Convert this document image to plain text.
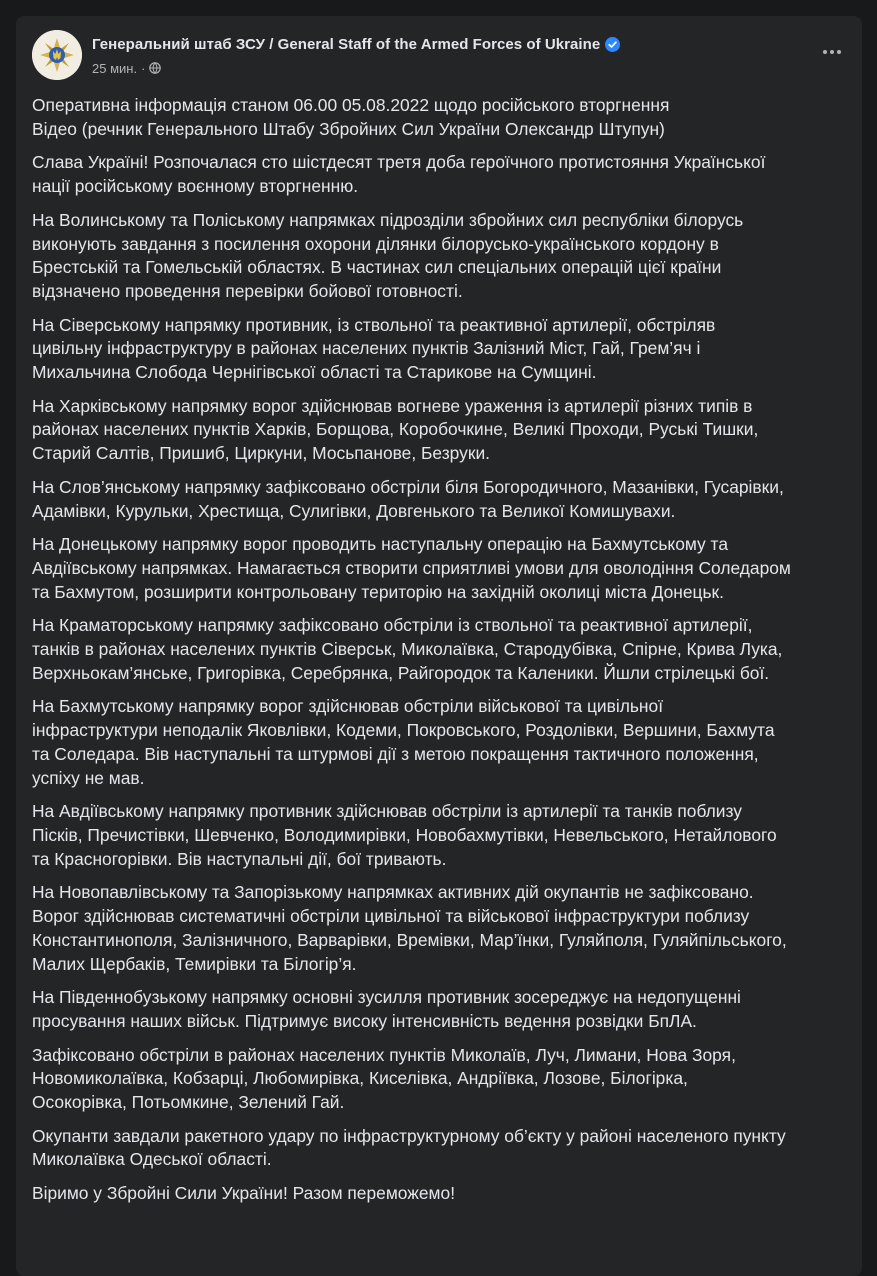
Генеральний штаб ЗСУ / General Staff of the Armed Forces of Ukraine
25 мин. ·

Оперативна інформація станом 06.00 05.08.2022 щодо російського вторгнення
Відео (речник Генерального Штабу Збройних Сил України Олександр Штупун)

Слава Україні! Розпочалася сто шістдесят третя доба героїчного протистояння Української
нації російському воєнному вторгненню.

На Волинському та Поліському напрямках підрозділи збройних сил республіки білорусь
виконують завдання з посилення охорони ділянки білорусько-українського кордону в
Брестській та Гомельській областях. В частинах сил спеціальних операцій цієї країни
відзначено проведення перевірки бойової готовності.

На Сіверському напрямку противник, із ствольної та реактивної артилерії, обстріляв
цивільну інфраструктуру в районах населених пунктів Залізний Міст, Гай, Грем’яч і
Михальчина Слобода Чернігівської області та Старикове на Сумщині.

На Харківському напрямку ворог здійснював вогневе ураження із артилерії різних типів в
районах населених пунктів Харків, Борщова, Коробочкине, Великі Проходи, Руські Тишки,
Старий Салтів, Пришиб, Циркуни, Мосьпанове, Безруки.

На Слов’янському напрямку зафіксовано обстріли біля Богородичного, Мазанівки, Гусарівки,
Адамівки, Курульки, Хрестища, Сулигівки, Довгенького та Великої Комишувахи.

На Донецькому напрямку ворог проводить наступальну операцію на Бахмутському та
Авдіївському напрямках. Намагається створити сприятливі умови для оволодіння Соледаром
та Бахмутом, розширити контрольовану територію на західній околиці міста Донецьк.

На Краматорському напрямку зафіксовано обстріли із ствольної та реактивної артилерії,
танків в районах населених пунктів Сіверськ, Миколаївка, Стародубівка, Спірне, Крива Лука,
Верхньокам’янське, Григорівка, Серебрянка, Райгородок та Каленики. Йшли стрілецькі бої.

На Бахмутському напрямку ворог здійснював обстріли військової та цивільної
інфраструктури неподалік Яковлівки, Кодеми, Покровського, Роздолівки, Вершини, Бахмута
та Соледара. Вів наступальні та штурмові дії з метою покращення тактичного положення,
успіху не мав.

На Авдіївському напрямку противник здійснював обстріли із артилерії та танків поблизу
Пісків, Пречистівки, Шевченко, Володимирівки, Новобахмутівки, Невельського, Нетайлового
та Красногорівки. Вів наступальні дії, бої тривають.

На Новопавлівському та Запорізькому напрямках активних дій окупантів не зафіксовано.
Ворог здійснював систематичні обстріли цивільної та військової інфраструктури поблизу
Константинополя, Залізничного, Варварівки, Времівки, Мар’їнки, Гуляйполя, Гуляйпільського,
Малих Щербаків, Темирівки та Білогір’я.

На Південнобузькому напрямку основні зусилля противник зосереджує на недопущенні
просування наших військ. Підтримує високу інтенсивність ведення розвідки БпЛА.

Зафіксовано обстріли в районах населених пунктів Миколаїв, Луч, Лимани, Нова Зоря,
Новомиколаївка, Кобзарці, Любомирівка, Киселівка, Андріївка, Лозове, Білогірка,
Осокорівка, Потьомкине, Зелений Гай.

Окупанти завдали ракетного удару по інфраструктурному об’єкту у районі населеного пункту
Миколаївка Одеської області.

Віримо у Збройні Сили України! Разом переможемо!
